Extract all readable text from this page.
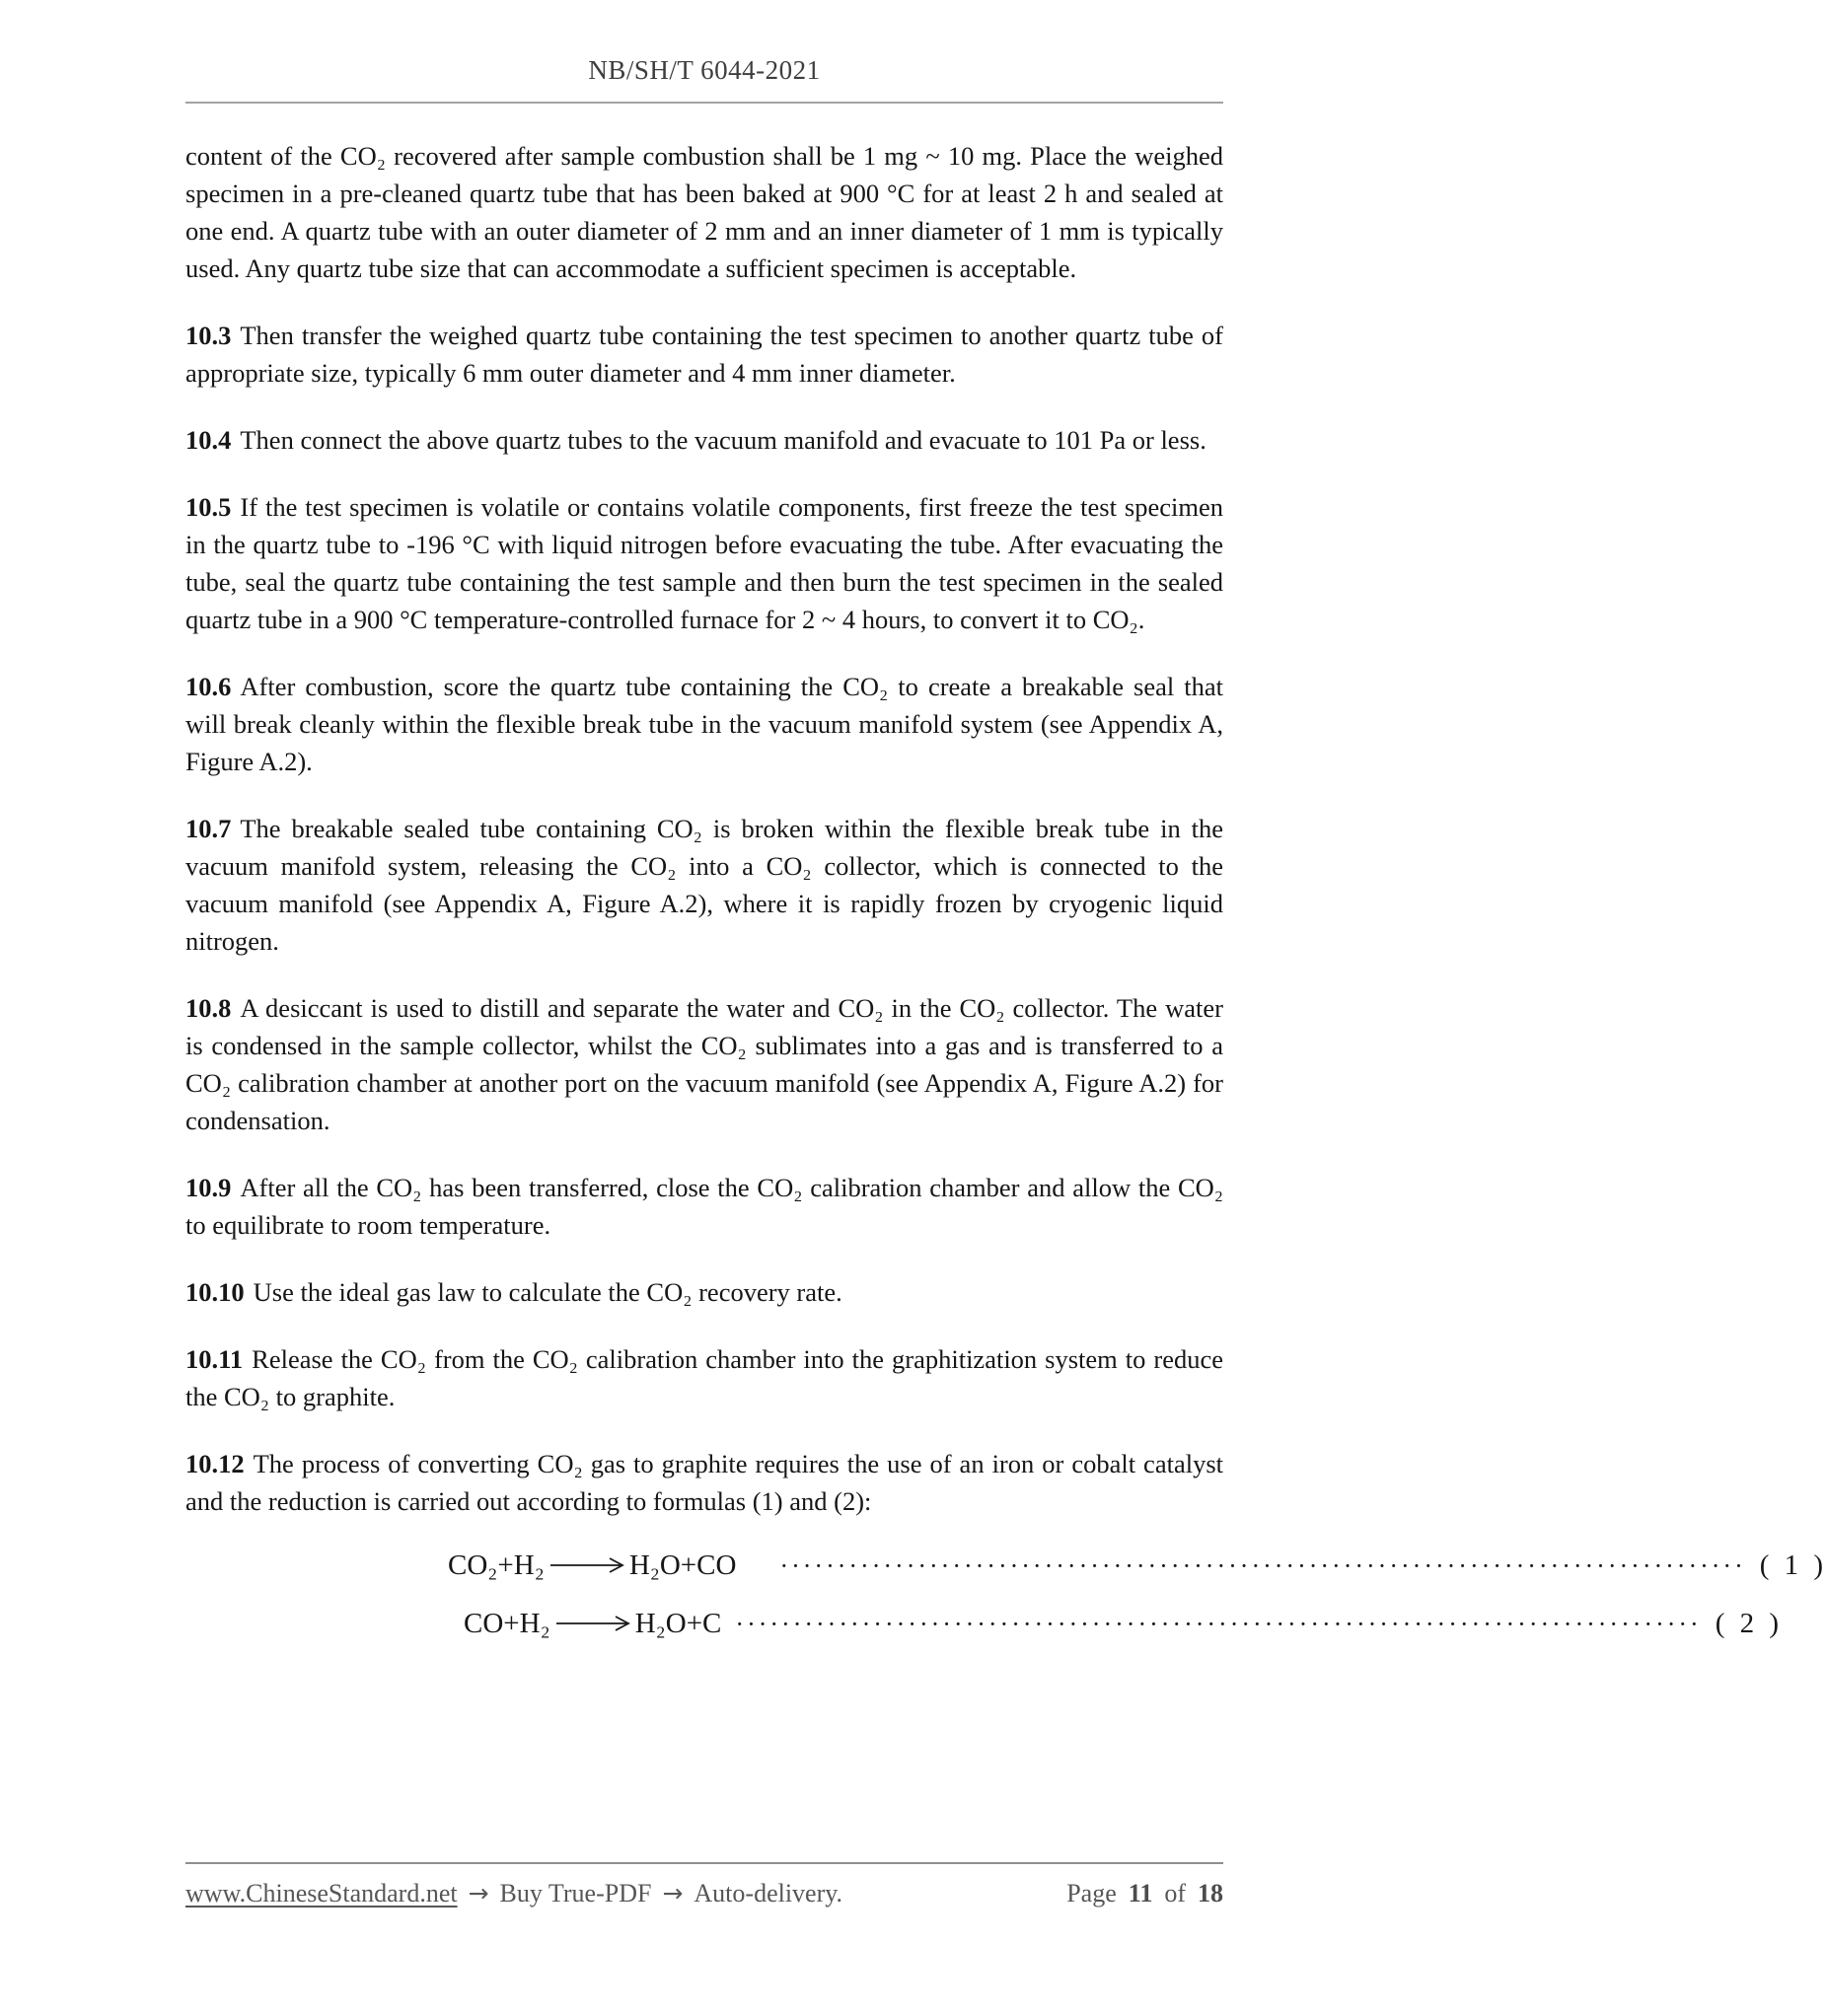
NB/SH/T 6044-2021

content of the CO₂ recovered after sample combustion shall be 1 mg ~ 10 mg. Place the weighed specimen in a pre-cleaned quartz tube that has been baked at 900 °C for at least 2 h and sealed at one end. A quartz tube with an outer diameter of 2 mm and an inner diameter of 1 mm is typically used. Any quartz tube size that can accommodate a sufficient specimen is acceptable.

10.3 Then transfer the weighed quartz tube containing the test specimen to another quartz tube of appropriate size, typically 6 mm outer diameter and 4 mm inner diameter.

10.4 Then connect the above quartz tubes to the vacuum manifold and evacuate to 101 Pa or less.

10.5 If the test specimen is volatile or contains volatile components, first freeze the test specimen in the quartz tube to -196 °C with liquid nitrogen before evacuating the tube. After evacuating the tube, seal the quartz tube containing the test sample and then burn the test specimen in the sealed quartz tube in a 900 °C temperature-controlled furnace for 2 ~ 4 hours, to convert it to CO₂.

10.6 After combustion, score the quartz tube containing the CO₂ to create a breakable seal that will break cleanly within the flexible break tube in the vacuum manifold system (see Appendix A, Figure A.2).

10.7 The breakable sealed tube containing CO₂ is broken within the flexible break tube in the vacuum manifold system, releasing the CO₂ into a CO₂ collector, which is connected to the vacuum manifold (see Appendix A, Figure A.2), where it is rapidly frozen by cryogenic liquid nitrogen.

10.8 A desiccant is used to distill and separate the water and CO₂ in the CO₂ collector. The water is condensed in the sample collector, whilst the CO₂ sublimates into a gas and is transferred to a CO₂ calibration chamber at another port on the vacuum manifold (see Appendix A, Figure A.2) for condensation.

10.9 After all the CO₂ has been transferred, close the CO₂ calibration chamber and allow the CO₂ to equilibrate to room temperature.

10.10 Use the ideal gas law to calculate the CO₂ recovery rate.

10.11 Release the CO₂ from the CO₂ calibration chamber into the graphitization system to reduce the CO₂ to graphite.

10.12 The process of converting CO₂ gas to graphite requires the use of an iron or cobalt catalyst and the reduction is carried out according to formulas (1) and (2):

CO₂+H₂ → H₂O+CO ···················································································· ( 1 )
CO+H₂ → H₂O+C ···················································································· ( 2 )
www.ChineseStandard.net → Buy True-PDF → Auto-delivery.	Page 11 of 18
